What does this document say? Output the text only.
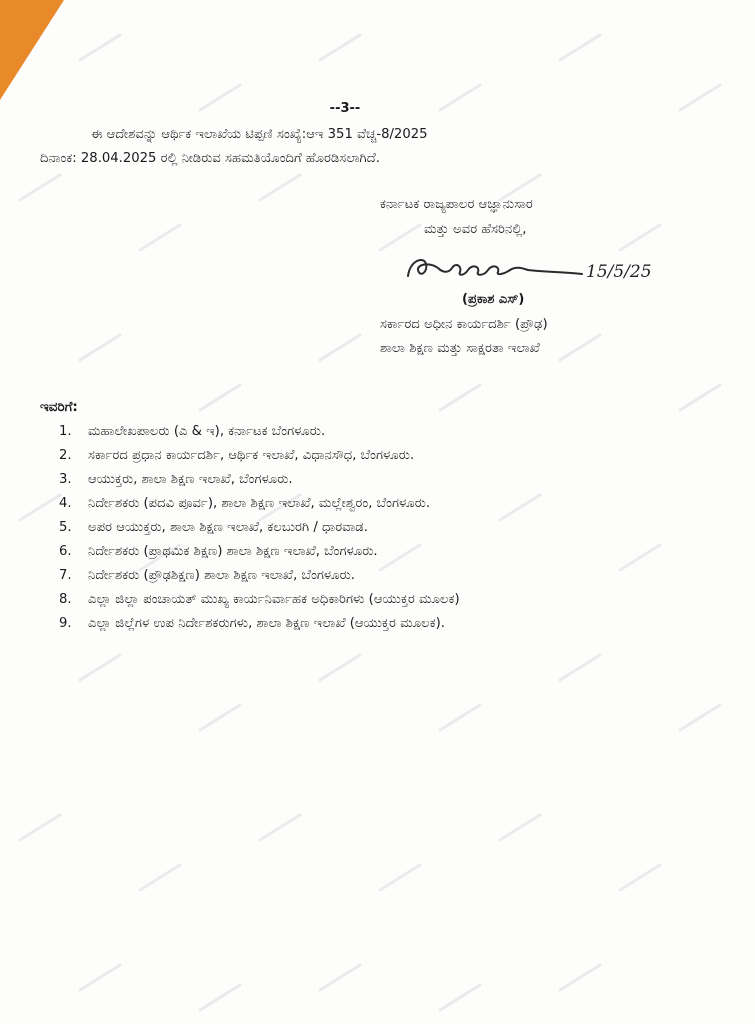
--3--
ಈ ಆದೇಶವನ್ನು ಆರ್ಥಿಕ ಇಲಾಖೆಯ ಟಿಪ್ಪಣಿ ಸಂಖ್ಯೆ:ಆಇ 351 ವೆಚ್ಚ-8/2025
ದಿನಾಂಕ: 28.04.2025 ರಲ್ಲಿ ನೀಡಿರುವ ಸಹಮತಿಯೊಂದಿಗೆ ಹೊರಡಿಸಲಾಗಿದೆ.
ಕರ್ನಾಟಕ ರಾಜ್ಯಪಾಲರ ಆಜ್ಞಾನುಸಾರ
ಮತ್ತು ಅವರ ಹೆಸರಿನಲ್ಲಿ,
15/5/25
(ಪ್ರಕಾಶ ಎಸ್)
ಸರ್ಕಾರದ ಅಧೀನ ಕಾರ್ಯದರ್ಶಿ (ಪ್ರೌಢ)
ಶಾಲಾ ಶಿಕ್ಷಣ ಮತ್ತು ಸಾಕ್ಷರತಾ ಇಲಾಖೆ
ಇವರಿಗೆ:
1.	ಮಹಾಲೇಖಪಾಲರು (ಎ & ಇ), ಕರ್ನಾಟಕ ಬೆಂಗಳೂರು.
2.	ಸರ್ಕಾರದ ಪ್ರಧಾನ ಕಾರ್ಯದರ್ಶಿ, ಆರ್ಥಿಕ ಇಲಾಖೆ, ವಿಧಾನಸೌಧ, ಬೆಂಗಳೂರು.
3.	ಆಯುಕ್ತರು, ಶಾಲಾ ಶಿಕ್ಷಣ ಇಲಾಖೆ, ಬೆಂಗಳೂರು.
4.	ನಿರ್ದೇಶಕರು (ಪದವಿ ಪೂರ್ವ), ಶಾಲಾ ಶಿಕ್ಷಣ ಇಲಾಖೆ, ಮಲ್ಲೇಶ್ವರಂ, ಬೆಂಗಳೂರು.
5.	ಅಪರ ಆಯುಕ್ತರು, ಶಾಲಾ ಶಿಕ್ಷಣ ಇಲಾಖೆ, ಕಲಬುರಗಿ / ಧಾರವಾಡ.
6.	ನಿರ್ದೇಶಕರು (ಪ್ರಾಥಮಿಕ ಶಿಕ್ಷಣ) ಶಾಲಾ ಶಿಕ್ಷಣ ಇಲಾಖೆ, ಬೆಂಗಳೂರು.
7.	ನಿರ್ದೇಶಕರು (ಪ್ರೌಢಶಿಕ್ಷಣ) ಶಾಲಾ ಶಿಕ್ಷಣ ಇಲಾಖೆ, ಬೆಂಗಳೂರು.
8.	ಎಲ್ಲಾ ಜಿಲ್ಲಾ ಪಂಚಾಯತ್ ಮುಖ್ಯ ಕಾರ್ಯನಿರ್ವಾಹಕ ಅಧಿಕಾರಿಗಳು (ಆಯುಕ್ತರ ಮೂಲಕ)
9.	ಎಲ್ಲಾ ಜಿಲ್ಲೆಗಳ ಉಪ ನಿರ್ದೇಶಕರುಗಳು, ಶಾಲಾ ಶಿಕ್ಷಣ ಇಲಾಖೆ (ಆಯುಕ್ತರ ಮೂಲಕ).
